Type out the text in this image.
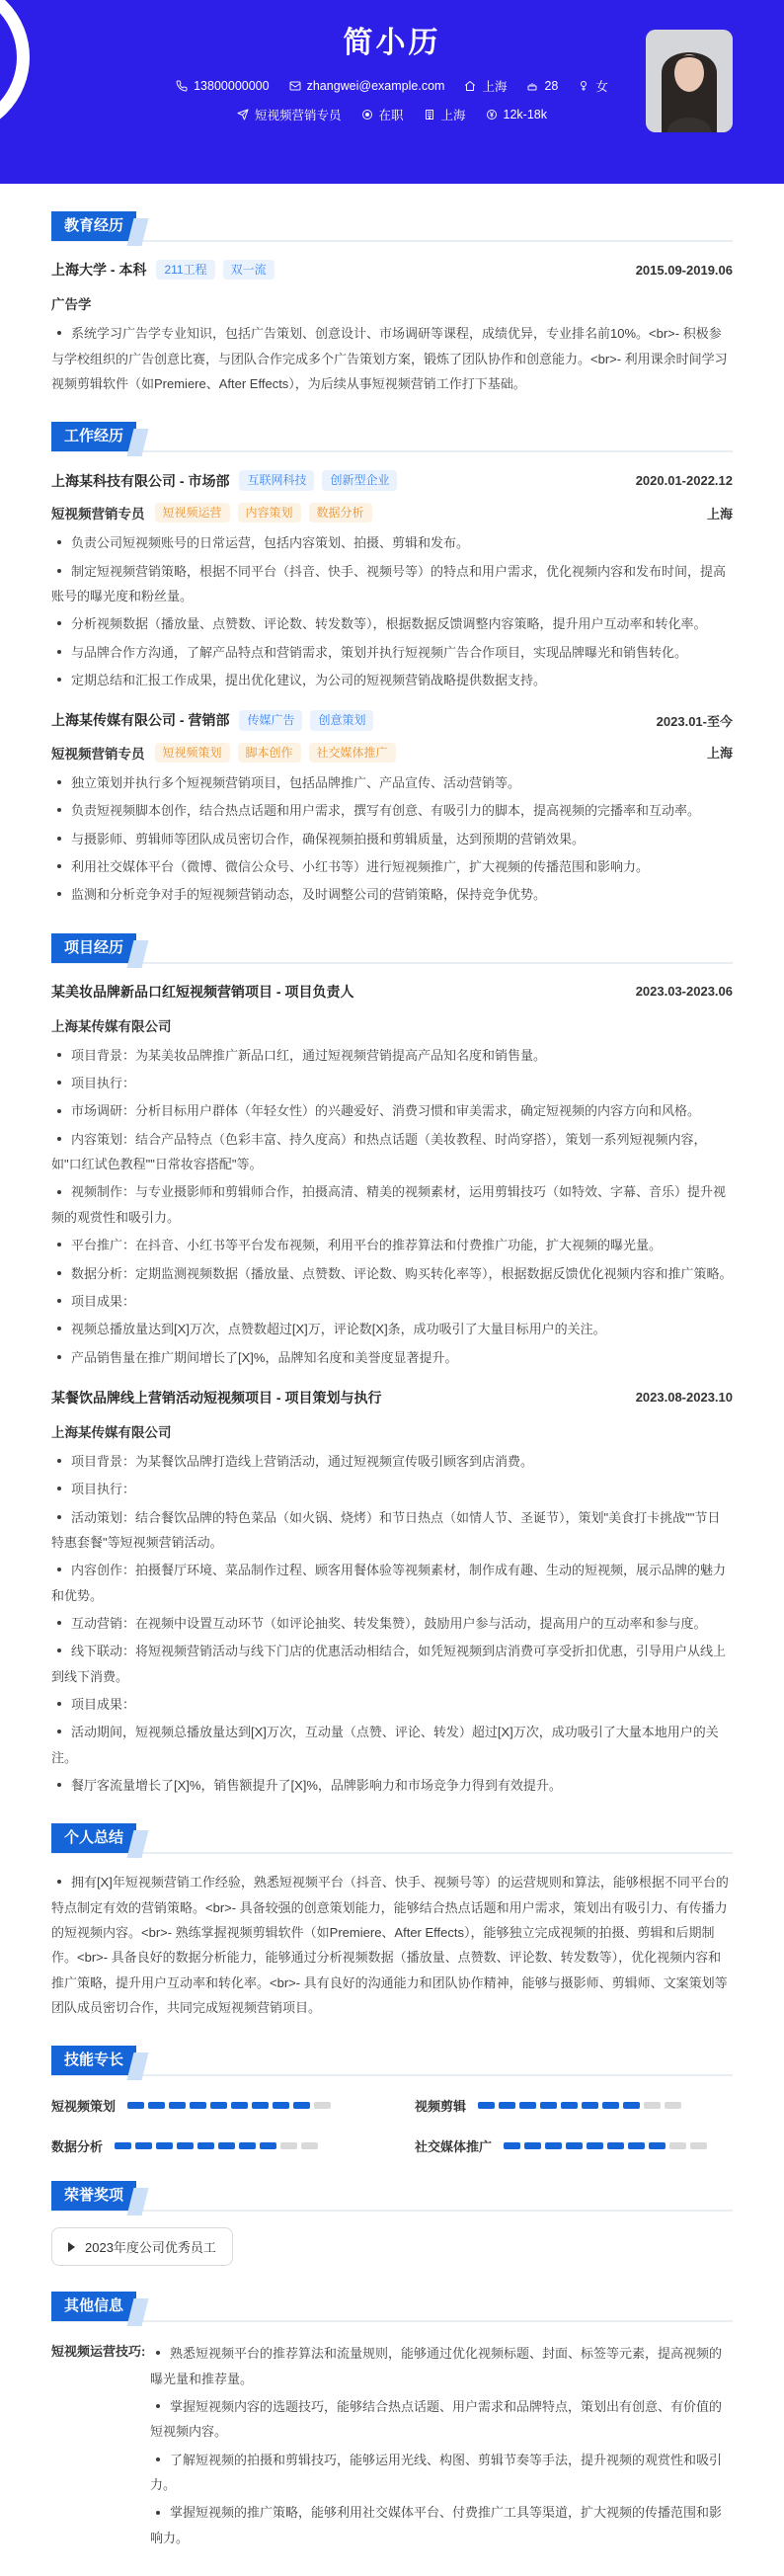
简小历
13800000000	zhangwei@example.com	上海	28	女
短视频营销专员	在职	上海	12k-18k
教育经历
上海大学 - 本科	211工程	双一流	2015.09-2019.06
广告学
系统学习广告学专业知识，包括广告策划、创意设计、市场调研等课程，成绩优异，专业排名前10%。<br>- 积极参与学校组织的广告创意比赛，与团队合作完成多个广告策划方案，锻炼了团队协作和创意能力。<br>- 利用课余时间学习视频剪辑软件（如Premiere、After Effects），为后续从事短视频营销工作打下基础。
工作经历
上海某科技有限公司 - 市场部	互联网科技	创新型企业	2020.01-2022.12
短视频营销专员	短视频运营	内容策划	数据分析	上海
负责公司短视频账号的日常运营，包括内容策划、拍摄、剪辑和发布。
制定短视频营销策略，根据不同平台（抖音、快手、视频号等）的特点和用户需求，优化视频内容和发布时间，提高账号的曝光度和粉丝量。
分析视频数据（播放量、点赞数、评论数、转发数等），根据数据反馈调整内容策略，提升用户互动率和转化率。
与品牌合作方沟通，了解产品特点和营销需求，策划并执行短视频广告合作项目，实现品牌曝光和销售转化。
定期总结和汇报工作成果，提出优化建议，为公司的短视频营销战略提供数据支持。
上海某传媒有限公司 - 营销部	传媒广告	创意策划	2023.01-至今
短视频营销专员	短视频策划	脚本创作	社交媒体推广	上海
独立策划并执行多个短视频营销项目，包括品牌推广、产品宣传、活动营销等。
负责短视频脚本创作，结合热点话题和用户需求，撰写有创意、有吸引力的脚本，提高视频的完播率和互动率。
与摄影师、剪辑师等团队成员密切合作，确保视频拍摄和剪辑质量，达到预期的营销效果。
利用社交媒体平台（微博、微信公众号、小红书等）进行短视频推广，扩大视频的传播范围和影响力。
监测和分析竞争对手的短视频营销动态，及时调整公司的营销策略，保持竞争优势。
项目经历
某美妆品牌新品口红短视频营销项目 - 项目负责人	2023.03-2023.06
上海某传媒有限公司
项目背景：为某美妆品牌推广新品口红，通过短视频营销提高产品知名度和销售量。
项目执行：
市场调研：分析目标用户群体（年轻女性）的兴趣爱好、消费习惯和审美需求，确定短视频的内容方向和风格。
内容策划：结合产品特点（色彩丰富、持久度高）和热点话题（美妆教程、时尚穿搭），策划一系列短视频内容，如"口红试色教程""日常妆容搭配"等。
视频制作：与专业摄影师和剪辑师合作，拍摄高清、精美的视频素材，运用剪辑技巧（如特效、字幕、音乐）提升视频的观赏性和吸引力。
平台推广：在抖音、小红书等平台发布视频，利用平台的推荐算法和付费推广功能，扩大视频的曝光量。
数据分析：定期监测视频数据（播放量、点赞数、评论数、购买转化率等），根据数据反馈优化视频内容和推广策略。
项目成果：
视频总播放量达到[X]万次，点赞数超过[X]万，评论数[X]条，成功吸引了大量目标用户的关注。
产品销售量在推广期间增长了[X]%，品牌知名度和美誉度显著提升。
某餐饮品牌线上营销活动短视频项目 - 项目策划与执行	2023.08-2023.10
上海某传媒有限公司
项目背景：为某餐饮品牌打造线上营销活动，通过短视频宣传吸引顾客到店消费。
项目执行：
活动策划：结合餐饮品牌的特色菜品（如火锅、烧烤）和节日热点（如情人节、圣诞节），策划"美食打卡挑战""节日特惠套餐"等短视频营销活动。
内容创作：拍摄餐厅环境、菜品制作过程、顾客用餐体验等视频素材，制作成有趣、生动的短视频，展示品牌的魅力和优势。
互动营销：在视频中设置互动环节（如评论抽奖、转发集赞），鼓励用户参与活动，提高用户的互动率和参与度。
线下联动：将短视频营销活动与线下门店的优惠活动相结合，如凭短视频到店消费可享受折扣优惠，引导用户从线上到线下消费。
项目成果：
活动期间，短视频总播放量达到[X]万次，互动量（点赞、评论、转发）超过[X]万次，成功吸引了大量本地用户的关注。
餐厅客流量增长了[X]%，销售额提升了[X]%，品牌影响力和市场竞争力得到有效提升。
个人总结
拥有[X]年短视频营销工作经验，熟悉短视频平台（抖音、快手、视频号等）的运营规则和算法，能够根据不同平台的特点制定有效的营销策略。<br>- 具备较强的创意策划能力，能够结合热点话题和用户需求，策划出有吸引力、有传播力的短视频内容。<br>- 熟练掌握视频剪辑软件（如Premiere、After Effects），能够独立完成视频的拍摄、剪辑和后期制作。<br>- 具备良好的数据分析能力，能够通过分析视频数据（播放量、点赞数、评论数、转发数等），优化视频内容和推广策略，提升用户互动率和转化率。<br>- 具有良好的沟通能力和团队协作精神，能够与摄影师、剪辑师、文案策划等团队成员密切合作，共同完成短视频营销项目。
技能专长
短视频策划	视频剪辑
数据分析	社交媒体推广
荣誉奖项
2023年度公司优秀员工
其他信息
短视频运营技巧:	熟悉短视频平台的推荐算法和流量规则，能够通过优化视频标题、封面、标签等元素，提高视频的曝光量和推荐量。
掌握短视频内容的选题技巧，能够结合热点话题、用户需求和品牌特点，策划出有创意、有价值的短视频内容。
了解短视频的拍摄和剪辑技巧，能够运用光线、构图、剪辑节奏等手法，提升视频的观赏性和吸引力。
掌握短视频的推广策略，能够利用社交媒体平台、付费推广工具等渠道，扩大视频的传播范围和影响力。
